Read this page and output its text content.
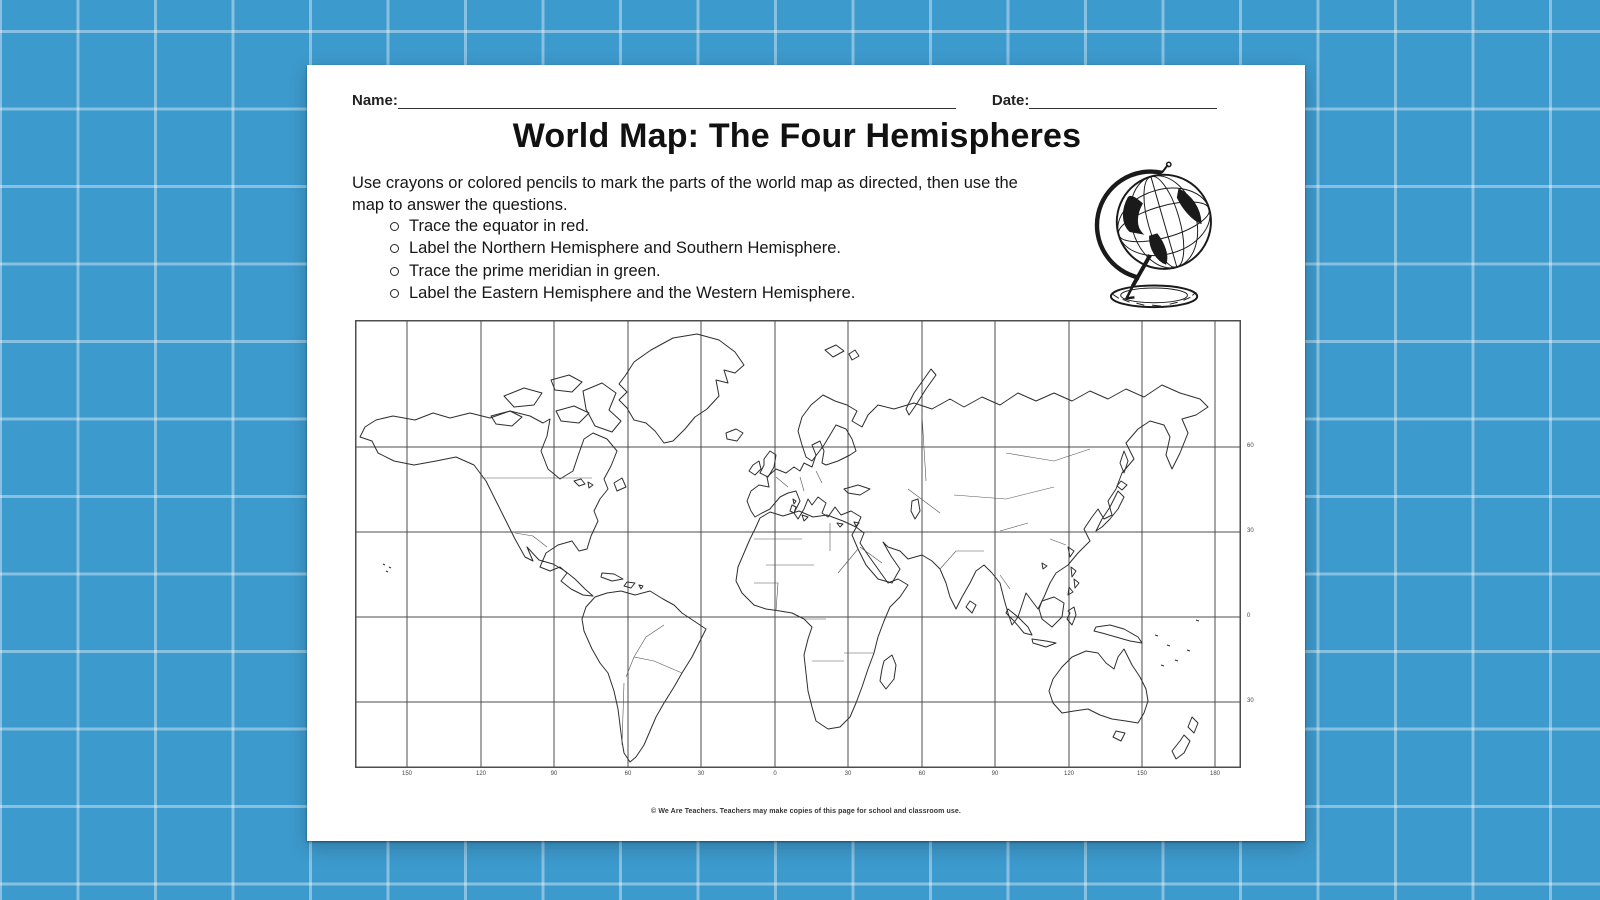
Name:	Date:
World Map: The Four Hemispheres
Use crayons or colored pencils to mark the parts of the world map as directed, then use the map to answer the questions.
Trace the equator in red.
Label the Northern Hemisphere and Southern Hemisphere.
Trace the prime meridian in green.
Label the Eastern Hemisphere and the Western Hemisphere.
150	120	90	60	30	0	30	60	90	120	150	180
60
30
0
30
© We Are Teachers. Teachers may make copies of this page for school and classroom use.
